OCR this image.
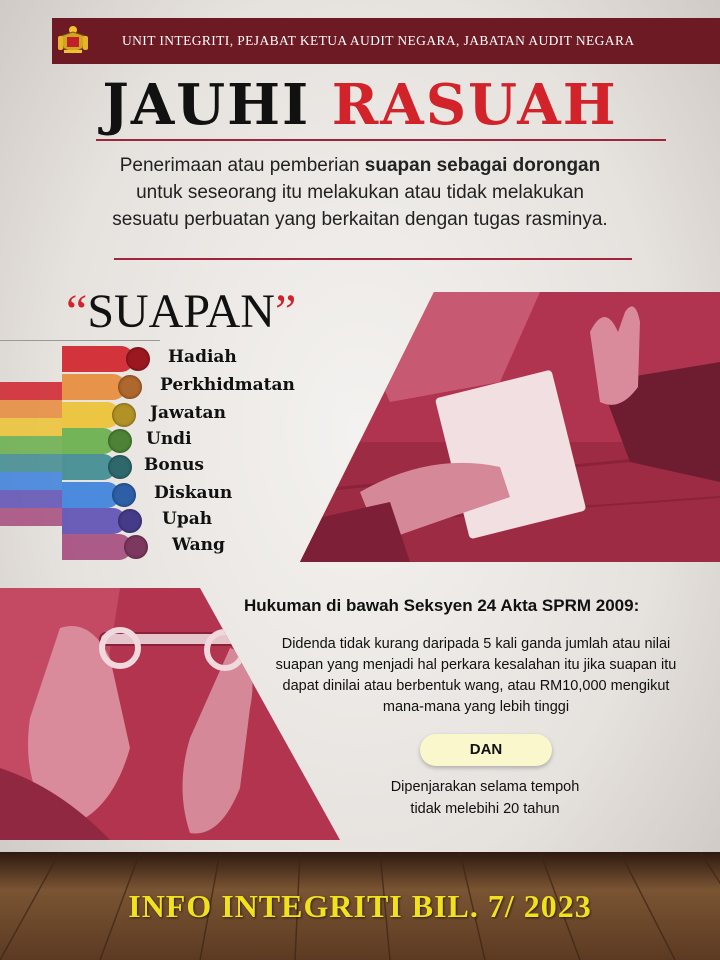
UNIT INTEGRITI, PEJABAT KETUA AUDIT NEGARA, JABATAN AUDIT NEGARA
JAUHI RASUAH
Penerimaan atau pemberian suapan sebagai dorongan
untuk seseorang itu melakukan atau tidak melakukan
sesuatu perbuatan yang berkaitan dengan tugas rasminya.
“SUAPAN”
Hadiah
Perkhidmatan
Jawatan
Undi
Bonus
Diskaun
Upah
Wang
Hukuman di bawah Seksyen 24 Akta SPRM 2009:
Didenda tidak kurang daripada 5 kali ganda jumlah atau nilai
suapan yang menjadi hal perkara kesalahan itu jika suapan itu
dapat dinilai atau berbentuk wang, atau RM10,000 mengikut
mana-mana yang lebih tinggi
DAN
Dipenjarakan selama tempoh
tidak melebihi 20 tahun
INFO INTEGRITI BIL. 7/ 2023
